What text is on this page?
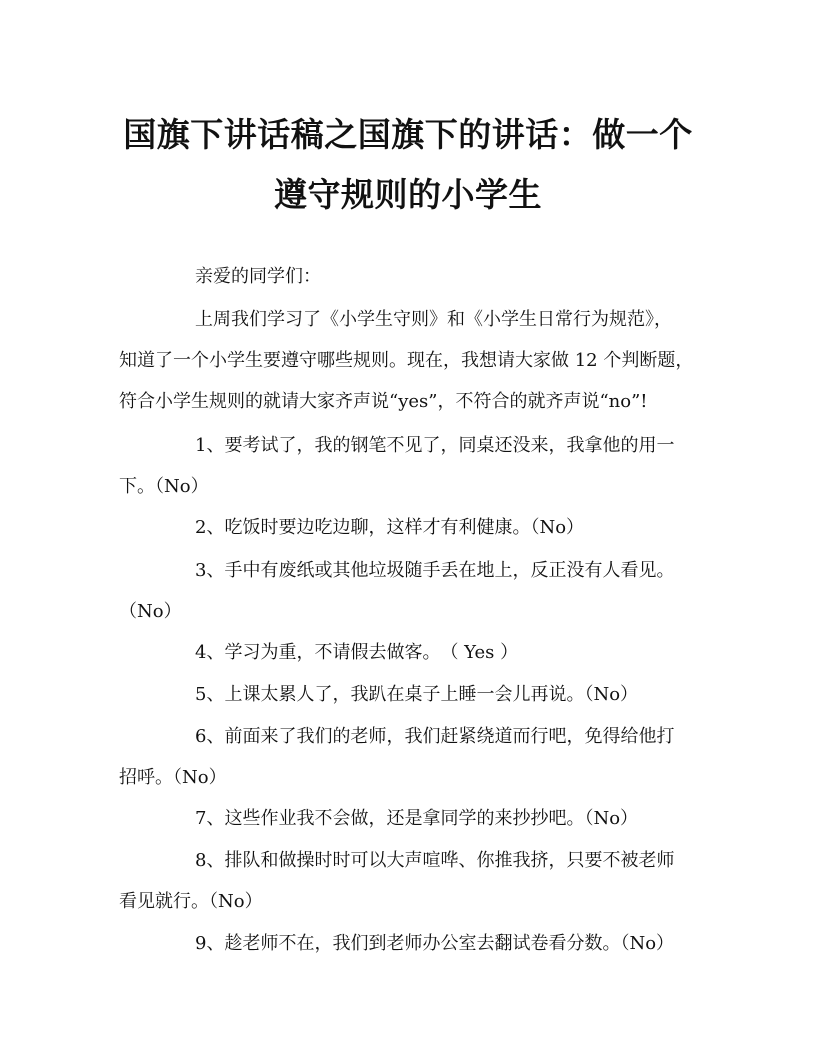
国旗下讲话稿之国旗下的讲话：做一个
遵守规则的小学生
亲爱的同学们：
上周我们学习了《小学生守则》和《小学生日常行为规范》，
知道了一个小学生要遵守哪些规则。现在，我想请大家做 12 个判断题，
符合小学生规则的就请大家齐声说“yes”，不符合的就齐声说“no”!
1、要考试了，我的钢笔不见了，同桌还没来，我拿他的用一
下。（No）
2、吃饭时要边吃边聊，这样才有利健康。（No）
3、手中有废纸或其他垃圾随手丢在地上，反正没有人看见。
（No）
4、学习为重，不请假去做客。　（ Yes ）
5、上课太累人了，我趴在桌子上睡一会儿再说。（No）
6、前面来了我们的老师，我们赶紧绕道而行吧，免得给他打
招呼。（No）
7、这些作业我不会做，还是拿同学的来抄抄吧。（No）
8、排队和做操时时可以大声喧哗、你推我挤，只要不被老师
看见就行。（No）
9、趁老师不在，我们到老师办公室去翻试卷看分数。（No）
